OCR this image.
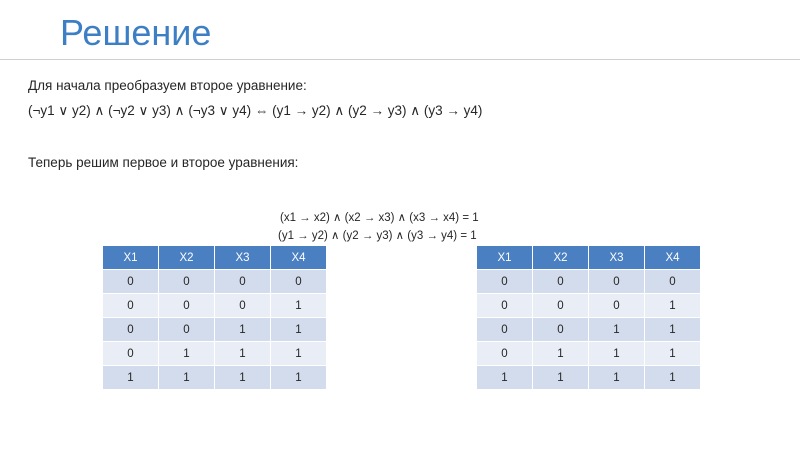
Решение
Для начала преобразуем второе уравнение:
(¬y1 ∨ y2) ∧ (¬y2 ∨ y3) ∧ (¬y3 ∨ y4) ⇔ (y1 → y2) ∧ (y2 → y3) ∧ (y3 → y4)
Теперь решим первое и второе уравнения:
(x1 → x2) ∧ (x2 → x3) ∧ (x3 → x4) = 1
(y1 → y2) ∧ (y2 → y3) ∧ (y3 → y4) = 1
X1	X2	X3	X4
0	0	0	0
0	0	0	1
0	0	1	1
0	1	1	1
1	1	1	1
X1	X2	X3	X4
0	0	0	0
0	0	0	1
0	0	1	1
0	1	1	1
1	1	1	1
